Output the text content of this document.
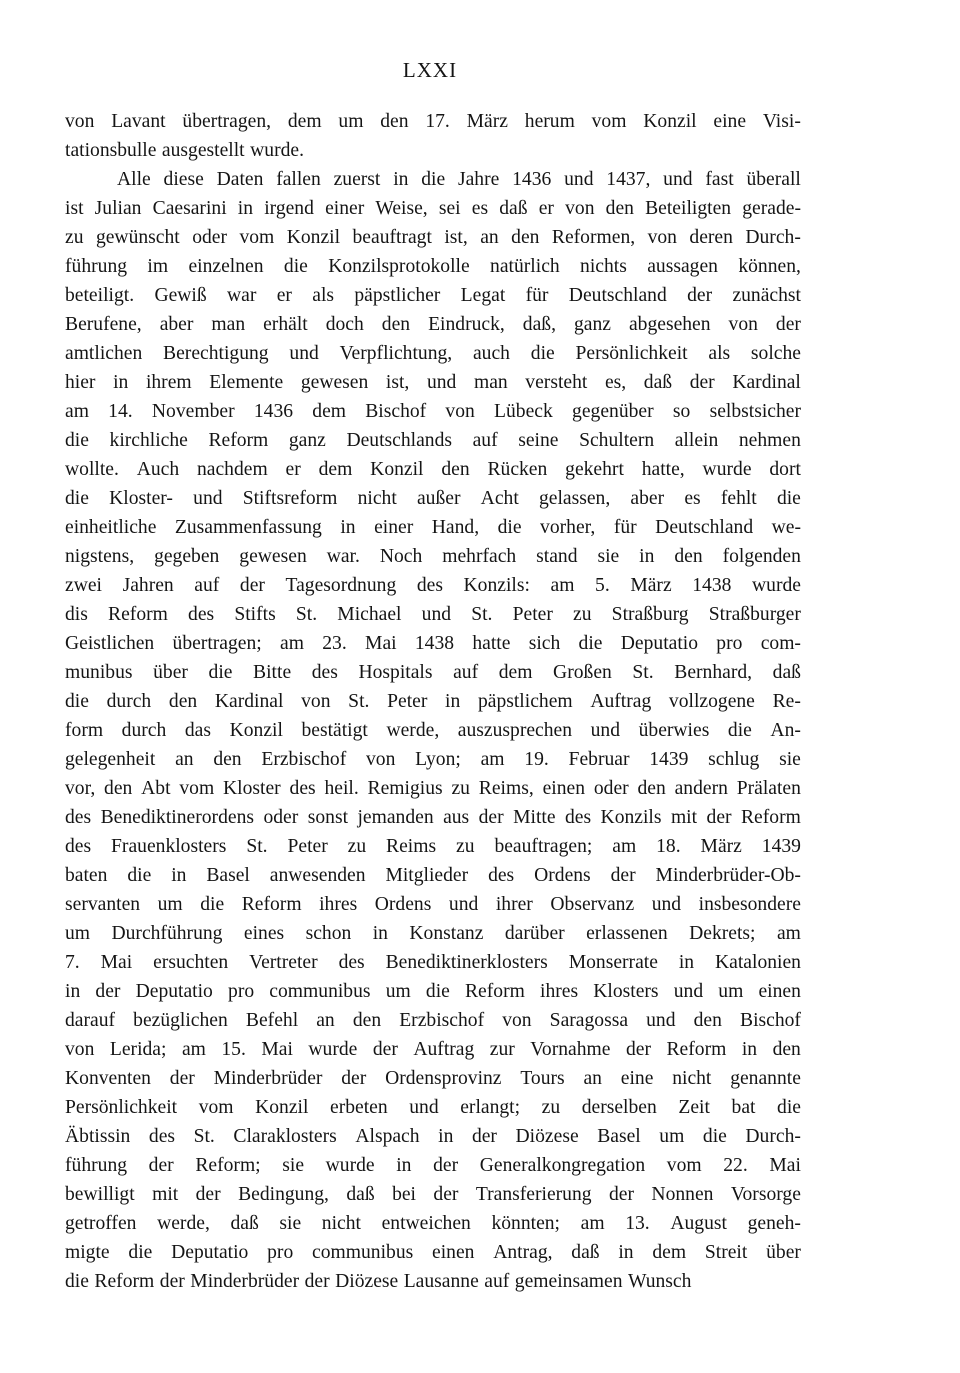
LXXI
von Lavant übertragen, dem um den 17. März herum vom Konzil eine Visi-
tationsbulle ausgestellt wurde.
Alle diese Daten fallen zuerst in die Jahre 1436 und 1437, und fast überall
ist Julian Caesarini in irgend einer Weise, sei es daß er von den Beteiligten gerade-
zu gewünscht oder vom Konzil beauftragt ist, an den Reformen, von deren Durch-
führung im einzelnen die Konzilsprotokolle natürlich nichts aussagen können,
beteiligt. Gewiß war er als päpstlicher Legat für Deutschland der zunächst
Berufene, aber man erhält doch den Eindruck, daß, ganz abgesehen von der
amtlichen Berechtigung und Verpflichtung, auch die Persönlichkeit als solche
hier in ihrem Elemente gewesen ist, und man versteht es, daß der Kardinal
am 14. November 1436 dem Bischof von Lübeck gegenüber so selbstsicher
die kirchliche Reform ganz Deutschlands auf seine Schultern allein nehmen
wollte. Auch nachdem er dem Konzil den Rücken gekehrt hatte, wurde dort
die Kloster- und Stiftsreform nicht außer Acht gelassen, aber es fehlt die
einheitliche Zusammenfassung in einer Hand, die vorher, für Deutschland we-
nigstens, gegeben gewesen war. Noch mehrfach stand sie in den folgenden
zwei Jahren auf der Tagesordnung des Konzils: am 5. März 1438 wurde
dis Reform des Stifts St. Michael und St. Peter zu Straßburg Straßburger
Geistlichen übertragen; am 23. Mai 1438 hatte sich die Deputatio pro com-
munibus über die Bitte des Hospitals auf dem Großen St. Bernhard, daß
die durch den Kardinal von St. Peter in päpstlichem Auftrag vollzogene Re-
form durch das Konzil bestätigt werde, auszusprechen und überwies die An-
gelegenheit an den Erzbischof von Lyon; am 19. Februar 1439 schlug sie
vor, den Abt vom Kloster des heil. Remigius zu Reims, einen oder den andern Prälaten
des Benediktinerordens oder sonst jemanden aus der Mitte des Konzils mit der Reform
des Frauenklosters St. Peter zu Reims zu beauftragen; am 18. März 1439
baten die in Basel anwesenden Mitglieder des Ordens der Minderbrüder-Ob-
servanten um die Reform ihres Ordens und ihrer Observanz und insbesondere
um Durchführung eines schon in Konstanz darüber erlassenen Dekrets; am
7. Mai ersuchten Vertreter des Benediktinerklosters Monserrate in Katalonien
in der Deputatio pro communibus um die Reform ihres Klosters und um einen
darauf bezüglichen Befehl an den Erzbischof von Saragossa und den Bischof
von Lerida; am 15. Mai wurde der Auftrag zur Vornahme der Reform in den
Konventen der Minderbrüder der Ordensprovinz Tours an eine nicht genannte
Persönlichkeit vom Konzil erbeten und erlangt; zu derselben Zeit bat die
Äbtissin des St. Claraklosters Alspach in der Diözese Basel um die Durch-
führung der Reform; sie wurde in der Generalkongregation vom 22. Mai
bewilligt mit der Bedingung, daß bei der Transferierung der Nonnen Vorsorge
getroffen werde, daß sie nicht entweichen könnten; am 13. August geneh-
migte die Deputatio pro communibus einen Antrag, daß in dem Streit über
die Reform der Minderbrüder der Diözese Lausanne auf gemeinsamen Wunsch
